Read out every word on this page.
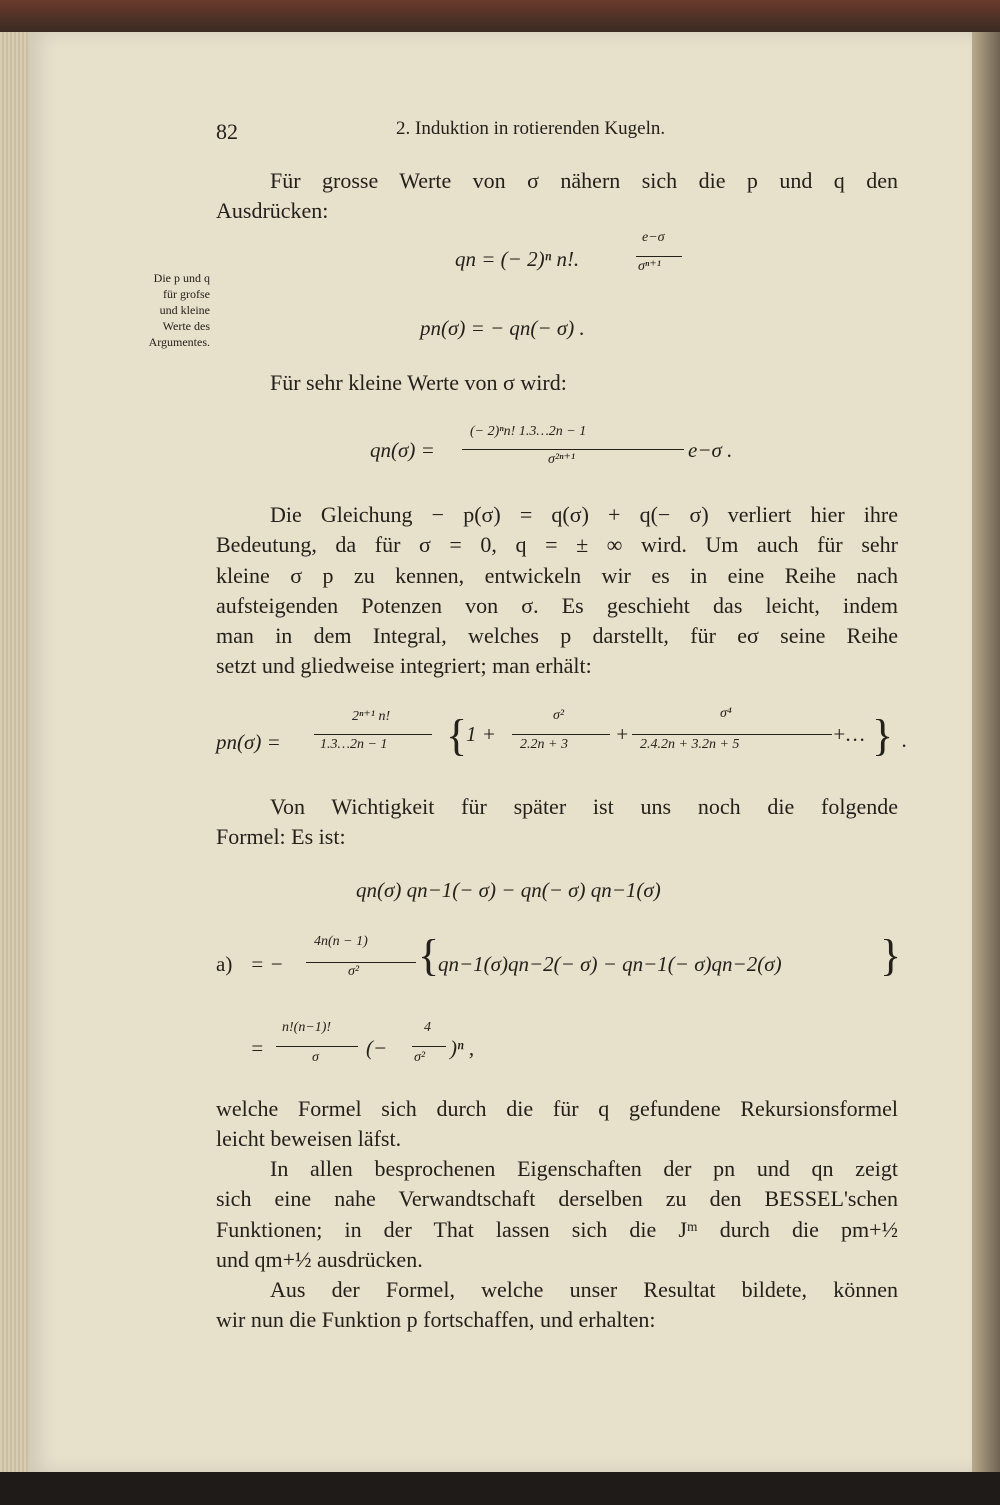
82	2. Induktion in rotierenden Kugeln.
Die p und q
für grofse
und kleine
Werte des
Argumentes.
Für grosse Werte von σ nähern sich die p und q den
Ausdrücken:
qn = (− 2)ⁿ n!.
e−σ
σⁿ⁺¹
pn(σ) = − qn(− σ) .
Für sehr kleine Werte von σ wird:
qn(σ) =
(− 2)ⁿn! 1.3…2n − 1
σ²ⁿ⁺¹	e−σ .
Die Gleichung − p(σ) = q(σ) + q(− σ) verliert hier ihre
Bedeutung, da für σ = 0, q = ± ∞ wird. Um auch für sehr
kleine σ p zu kennen, entwickeln wir es in eine Reihe nach
aufsteigenden Potenzen von σ. Es geschieht das leicht, indem
man in dem Integral, welches p darstellt, für eσ seine Reihe
setzt und gliedweise integriert; man erhält:
pn(σ) =
2ⁿ⁺¹ n!
1.3…2n − 1 {
1 +
σ²
2.2n + 3 +
σ⁴
2.4.2n + 3.2n + 5	+… } .
Von Wichtigkeit für später ist uns noch die folgende
Formel: Es ist:
qn(σ) qn−1(− σ) − qn(− σ) qn−1(σ)
a) = −
4n(n − 1)
σ² {
qn−1(σ)qn−2(− σ) − qn−1(− σ)qn−2(σ) }
=
n!(n−1)!
σ (−
4
σ² )ⁿ ,
welche Formel sich durch die für q gefundene Rekursionsformel
leicht beweisen läfst.
In allen besprochenen Eigenschaften der pn und qn zeigt
sich eine nahe Verwandtschaft derselben zu den BESSEL'schen
Funktionen; in der That lassen sich die Jᵐ durch die pm+½
und qm+½ ausdrücken.
Aus der Formel, welche unser Resultat bildete, können
wir nun die Funktion p fortschaffen, und erhalten:
